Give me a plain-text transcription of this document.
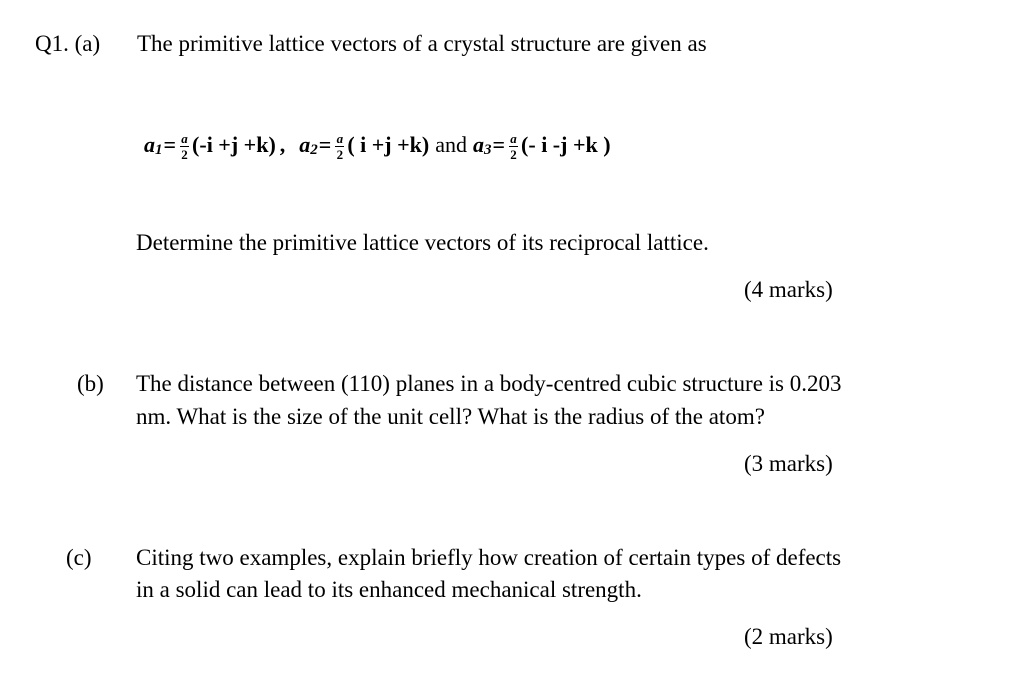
Q1. (a) The primitive lattice vectors of a crystal structure are given as
a $1 = \frac{a}{2} (-i +j +k)$ , a $2 = \frac{a}{2}$ ( i +j +k) and a $3 = \frac{a}{2}$ (- i -j +k )
Determine the primitive lattice vectors of its reciprocal lattice.
(4 marks)
(b) The distance between (110) planes in a body-centred cubic structure is 0.203
nm. What is the size of the unit cell? What is the radius of the atom?
(3 marks)
(c) Citing two examples, explain briefly how creation of certain types of defects
in a solid can lead to its enhanced mechanical strength.
(2 marks)
